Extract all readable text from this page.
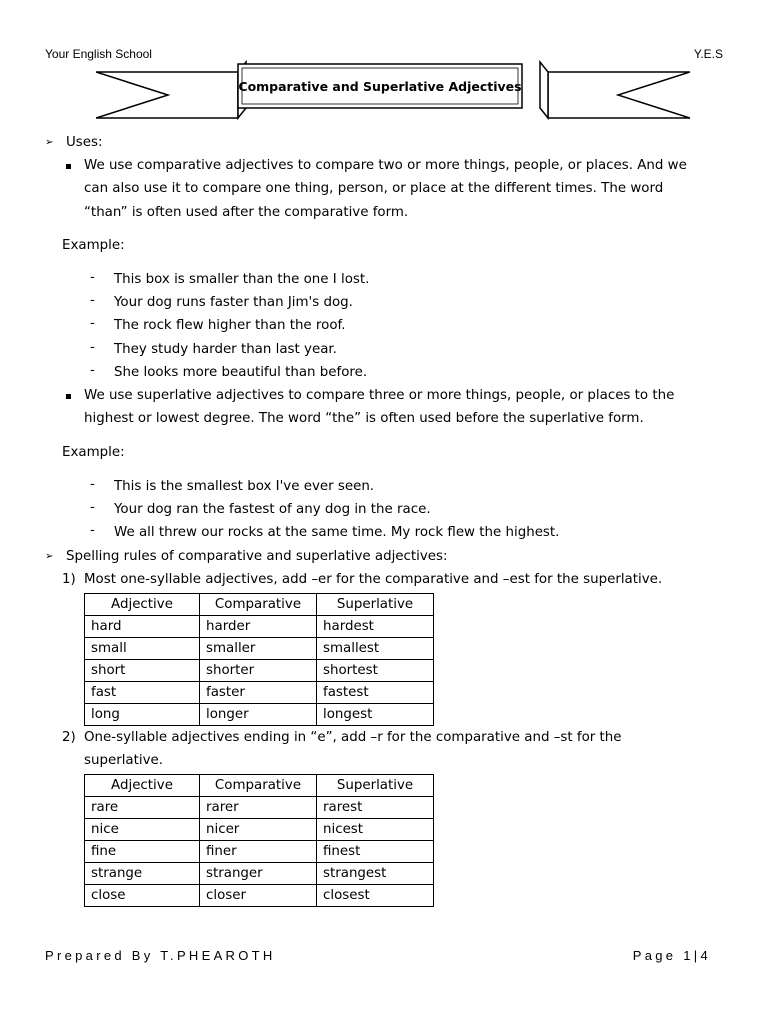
Your English School	Y.E.S
Comparative and Superlative Adjectives
➢ Uses:
We use comparative adjectives to compare two or more things, people, or places. And we
can also use it to compare one thing, person, or place at the different times. The word
“than” is often used after the comparative form.
Example:
- This box is smaller than the one I lost.
- Your dog runs faster than Jim's dog.
- The rock flew higher than the roof.
- They study harder than last year.
- She looks more beautiful than before.
We use superlative adjectives to compare three or more things, people, or places to the
highest or lowest degree. The word “the” is often used before the superlative form.
Example:
- This is the smallest box I've ever seen.
- Your dog ran the fastest of any dog in the race.
- We all threw our rocks at the same time. My rock flew the highest.
➢ Spelling rules of comparative and superlative adjectives:
1) Most one-syllable adjectives, add –er for the comparative and –est for the superlative.
Adjective	Comparative	Superlative
hard	harder	hardest
small	smaller	smallest
short	shorter	shortest
fast	faster	fastest
long	longer	longest
2) One-syllable adjectives ending in “e”, add –r for the comparative and –st for the
superlative.
Adjective	Comparative	Superlative
rare	rarer	rarest
nice	nicer	nicest
fine	finer	finest
strange	stranger	strangest
close	closer	closest
Prepared By T.PHEAROTH	Page 1|4
